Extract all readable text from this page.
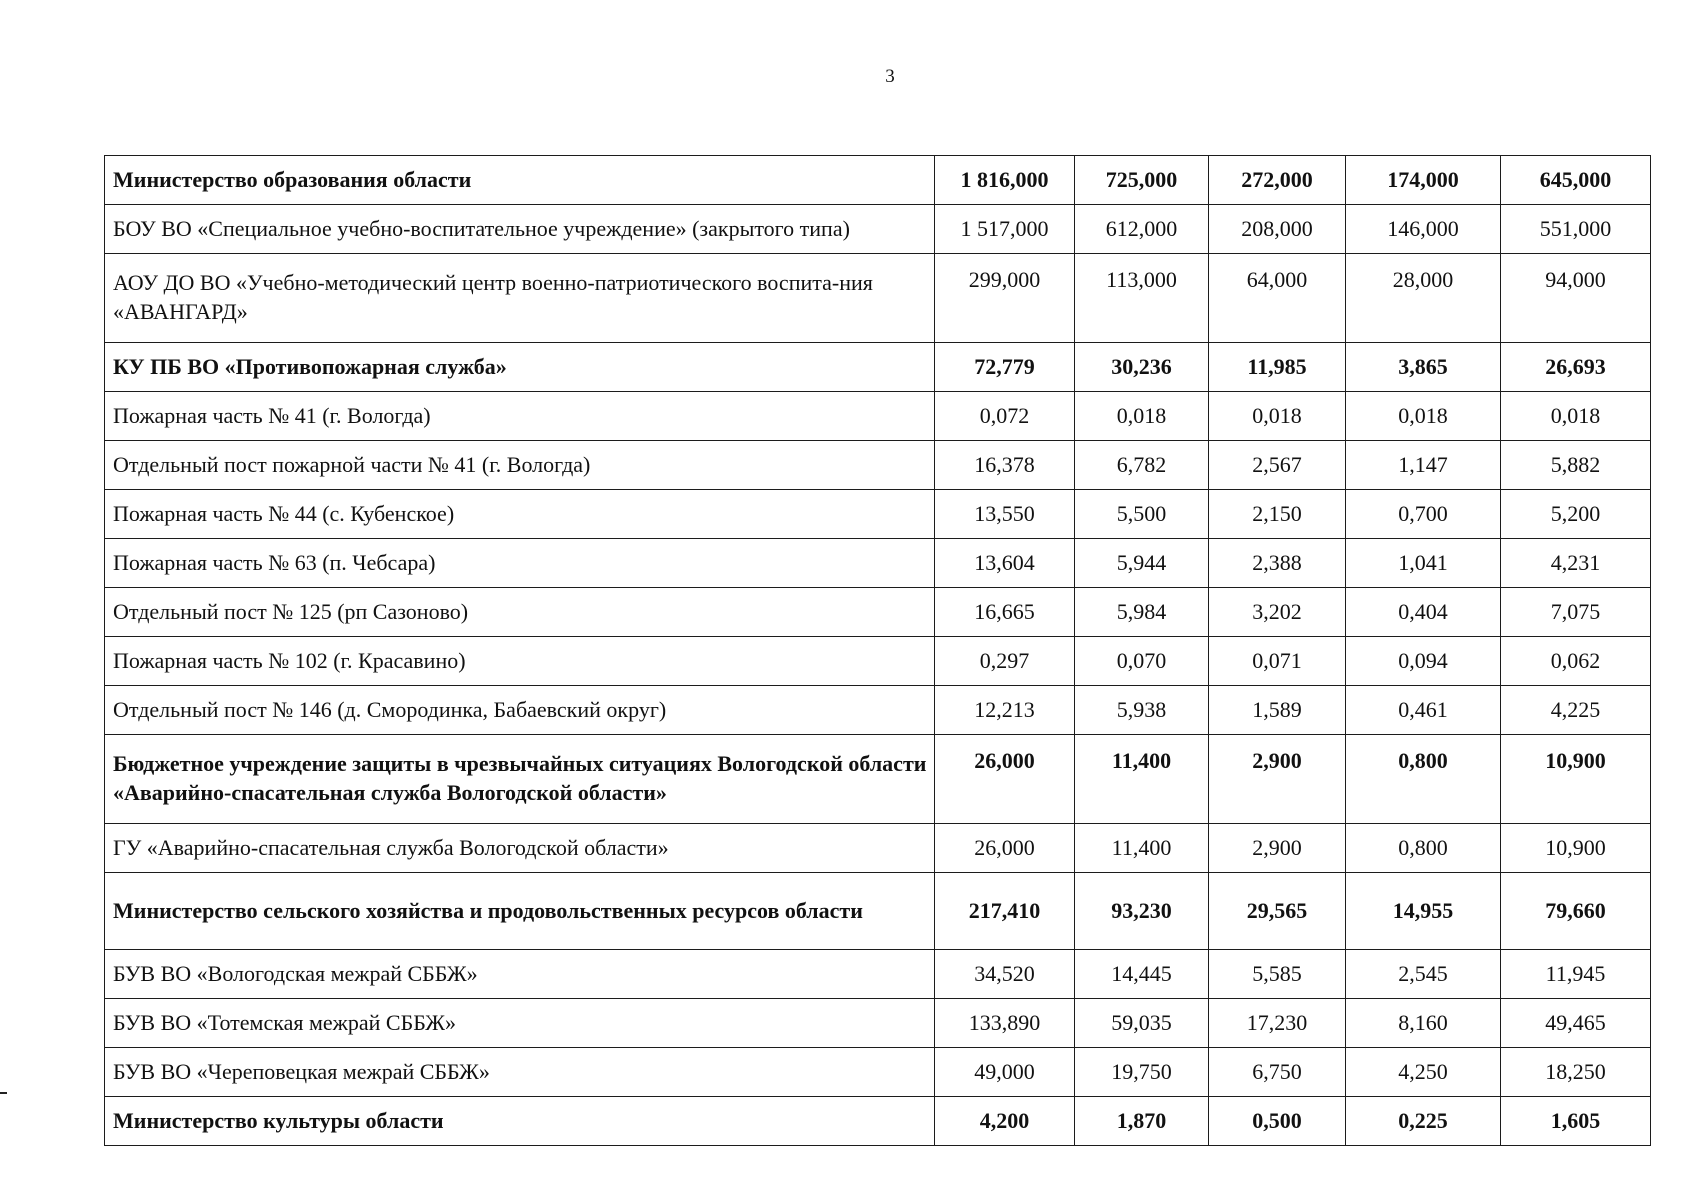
3
Министерство образования области	1 816,000	725,000	272,000	174,000	645,000
БОУ ВО «Специальное учебно-воспитательное учреждение» (закрытого типа)	1 517,000	612,000	208,000	146,000	551,000
АОУ ДО ВО «Учебно-методический центр военно-патриотического воспита-ния «АВАНГАРД»	299,000	113,000	64,000	28,000	94,000
КУ ПБ ВО «Противопожарная служба»	72,779	30,236	11,985	3,865	26,693
Пожарная часть № 41 (г. Вологда)	0,072	0,018	0,018	0,018	0,018
Отдельный пост пожарной части № 41 (г. Вологда)	16,378	6,782	2,567	1,147	5,882
Пожарная часть № 44 (с. Кубенское)	13,550	5,500	2,150	0,700	5,200
Пожарная часть № 63 (п. Чебсара)	13,604	5,944	2,388	1,041	4,231
Отдельный пост № 125 (рп Сазоново)	16,665	5,984	3,202	0,404	7,075
Пожарная часть № 102 (г. Красавино)	0,297	0,070	0,071	0,094	0,062
Отдельный пост № 146 (д. Смородинка, Бабаевский округ)	12,213	5,938	1,589	0,461	4,225
Бюджетное учреждение защиты в чрезвычайных ситуациях Вологодской области «Аварийно-спасательная служба Вологодской области»	26,000	11,400	2,900	0,800	10,900
ГУ «Аварийно-спасательная служба Вологодской области»	26,000	11,400	2,900	0,800	10,900
Министерство сельского хозяйства и продовольственных ресурсов области	217,410	93,230	29,565	14,955	79,660
БУВ ВО «Вологодская межрай СББЖ»	34,520	14,445	5,585	2,545	11,945
БУВ ВО «Тотемская межрай СББЖ»	133,890	59,035	17,230	8,160	49,465
БУВ ВО «Череповецкая межрай СББЖ»	49,000	19,750	6,750	4,250	18,250
Министерство культуры области	4,200	1,870	0,500	0,225	1,605
